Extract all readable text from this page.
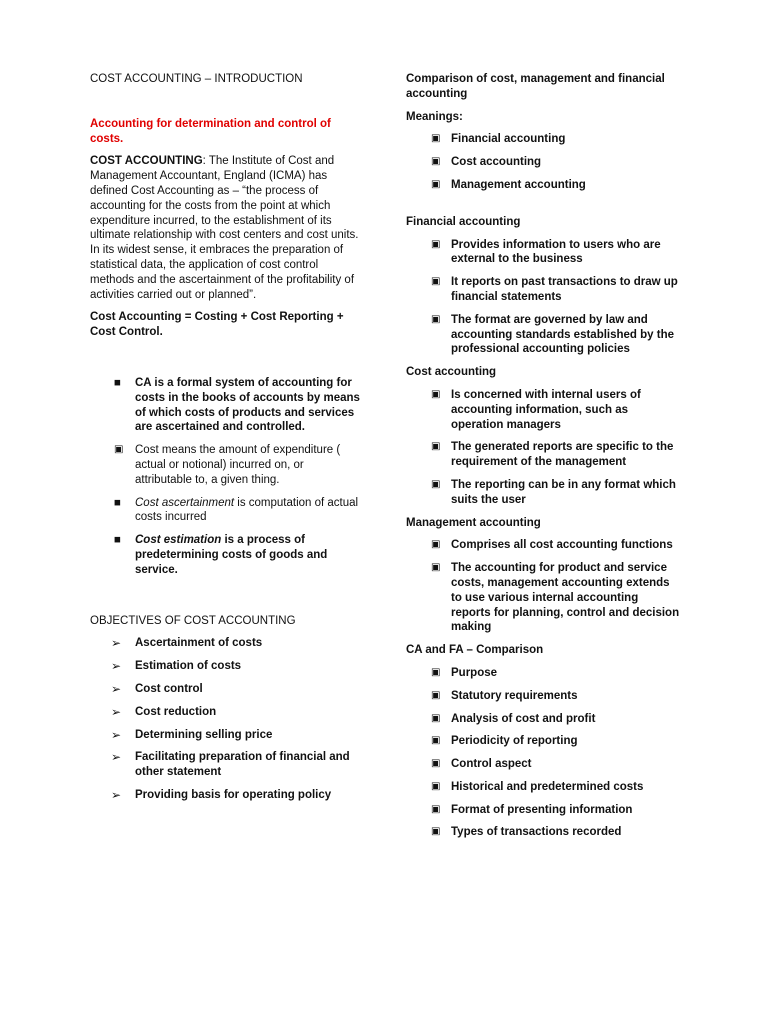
COST ACCOUNTING – INTRODUCTION

Accounting for determination and control of costs.

COST ACCOUNTING: The Institute of Cost and Management Accountant, England (ICMA) has defined Cost Accounting as – “the process of accounting for the costs from the point at which expenditure incurred, to the establishment of its ultimate relationship with cost centers and cost units. In its widest sense, it embraces the preparation of statistical data, the application of cost control methods and the ascertainment of the profitability of activities carried out or planned”.

Cost Accounting = Costing + Cost Reporting + Cost Control.

■ CA is a formal system of accounting for costs in the books of accounts by means of which costs of products and services are ascertained and controlled.
▣ Cost means the amount of expenditure ( actual or notional) incurred on, or attributable to, a given thing.
■ Cost ascertainment is computation of actual costs incurred
■ Cost estimation is a process of predetermining costs of goods and service.

OBJECTIVES OF COST ACCOUNTING

➢ Ascertainment of costs
➢ Estimation of costs
➢ Cost control
➢ Cost reduction
➢ Determining selling price
➢ Facilitating preparation of financial and other statement
➢ Providing basis for operating policy

Comparison of cost, management and financial accounting

Meanings:

▣ Financial accounting
▣ Cost accounting
▣ Management accounting

Financial accounting

▣ Provides information to users who are external to the business
▣ It reports on past transactions to draw up financial statements
▣ The format are governed by law and accounting standards established by the professional accounting policies

Cost accounting

▣ Is concerned with internal users of accounting information, such as operation managers
▣ The generated reports are specific to the requirement of the management
▣ The reporting can be in any format which suits the user

Management accounting

▣ Comprises all cost accounting functions
▣ The accounting for product and service costs, management accounting extends to use various internal accounting reports for planning, control and decision making

CA and FA – Comparison

▣ Purpose
▣ Statutory requirements
▣ Analysis of cost and profit
▣ Periodicity of reporting
▣ Control aspect
▣ Historical and predetermined costs
▣ Format of presenting information
▣ Types of transactions recorded
